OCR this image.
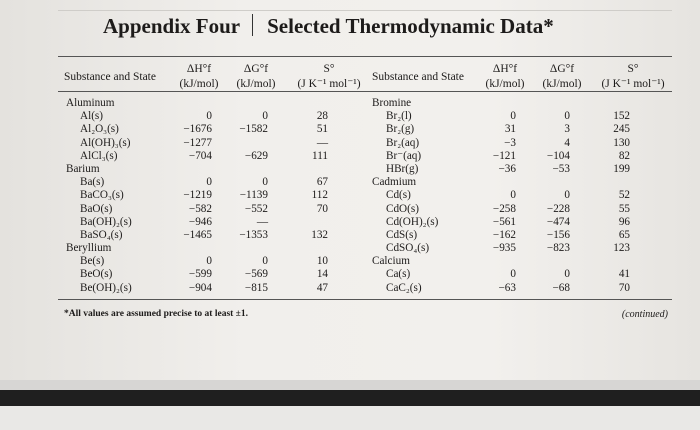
Appendix Four Selected Thermodynamic Data*
Substance and State
ΔH°f
(kJ/mol)
ΔG°f
(kJ/mol)
S°
(J K⁻¹ mol⁻¹)
Substance and State
ΔH°f
(kJ/mol)
ΔG°f
(kJ/mol)
S°
(J K⁻¹ mol⁻¹)
Aluminum
Al(s)
Al₂O₃(s)
Al(OH)₃(s)
AlCl₃(s)
Barium
Ba(s)
BaCO₃(s)
BaO(s)
Ba(OH)₂(s)
BaSO₄(s)
Beryllium
Be(s)
BeO(s)
Be(OH)₂(s)
0
−1676
−1277
−704
0
−1219
−582
−946
−1465
0
−599
−904
0
−1582
−629
0
−1139
−552
—
−1353
0
−569
−815
28
51
—
111
67
112
70
132
10
14
47
Bromine
Br₂(l)
Br₂(g)
Br₂(aq)
Br⁻(aq)
HBr(g)
Cadmium
Cd(s)
CdO(s)
Cd(OH)₂(s)
CdS(s)
CdSO₄(s)
Calcium
Ca(s)
CaC₂(s)
0
31
−3
−121
−36
0
−258
−561
−162
−935
0
−63
0
3
4
−104
−53
0
−228
−474
−156
−823
0
−68
152
245
130
82
199
52
55
96
65
123
41
70
*All values are assumed precise to at least ±1.	(continued)
